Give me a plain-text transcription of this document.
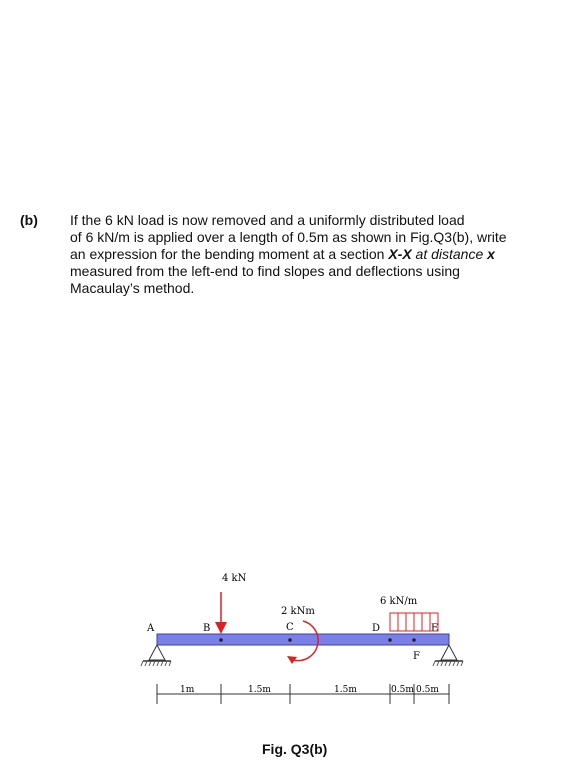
(b) If the 6 kN load is now removed and a uniformly distributed load
of 6 kN/m is applied over a length of 0.5m as shown in Fig.Q3(b), write
an expression for the bending moment at a section X-X at distance x
measured from the left-end to find slopes and deflections using
Macaulay’s method.
4 kN
A	B	C	D	E
F
2 kNm
6 kN/m
1m	1.5m	1.5m	0.5m 0.5m
Fig. Q3(b)
